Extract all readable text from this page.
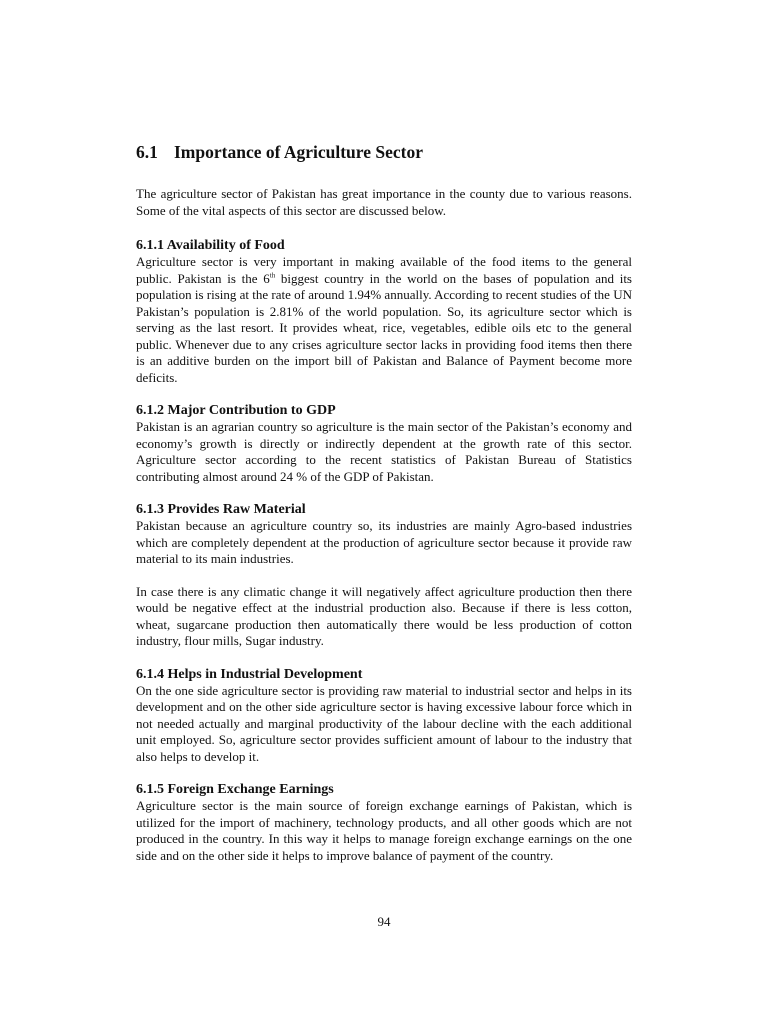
6.1 Importance of Agriculture Sector

The agriculture sector of Pakistan has great importance in the county due to various reasons. Some of the vital aspects of this sector are discussed below.

6.1.1 Availability of Food

Agriculture sector is very important in making available of the food items to the general public. Pakistan is the 6th biggest country in the world on the bases of population and its population is rising at the rate of around 1.94% annually. According to recent studies of the UN Pakistan’s population is 2.81% of the world population. So, its agriculture sector which is serving as the last resort. It provides wheat, rice, vegetables, edible oils etc to the general public. Whenever due to any crises agriculture sector lacks in providing food items then there is an additive burden on the import bill of Pakistan and Balance of Payment become more deficits.

6.1.2 Major Contribution to GDP

Pakistan is an agrarian country so agriculture is the main sector of the Pakistan’s economy and economy’s growth is directly or indirectly dependent at the growth rate of this sector. Agriculture sector according to the recent statistics of Pakistan Bureau of Statistics contributing almost around 24 % of the GDP of Pakistan.

6.1.3 Provides Raw Material

Pakistan because an agriculture country so, its industries are mainly Agro-based industries which are completely dependent at the production of agriculture sector because it provide raw material to its main industries.

In case there is any climatic change it will negatively affect agriculture production then there would be negative effect at the industrial production also. Because if there is less cotton, wheat, sugarcane production then automatically there would be less production of cotton industry, flour mills, Sugar industry.

6.1.4 Helps in Industrial Development

On the one side agriculture sector is providing raw material to industrial sector and helps in its development and on the other side agriculture sector is having excessive labour force which in not needed actually and marginal productivity of the labour decline with the each additional unit employed. So, agriculture sector provides sufficient amount of labour to the industry that also helps to develop it.

6.1.5 Foreign Exchange Earnings

Agriculture sector is the main source of foreign exchange earnings of Pakistan, which is utilized for the import of machinery, technology products, and all other goods which are not produced in the country. In this way it helps to manage foreign exchange earnings on the one side and on the other side it helps to improve balance of payment of the country.

94
